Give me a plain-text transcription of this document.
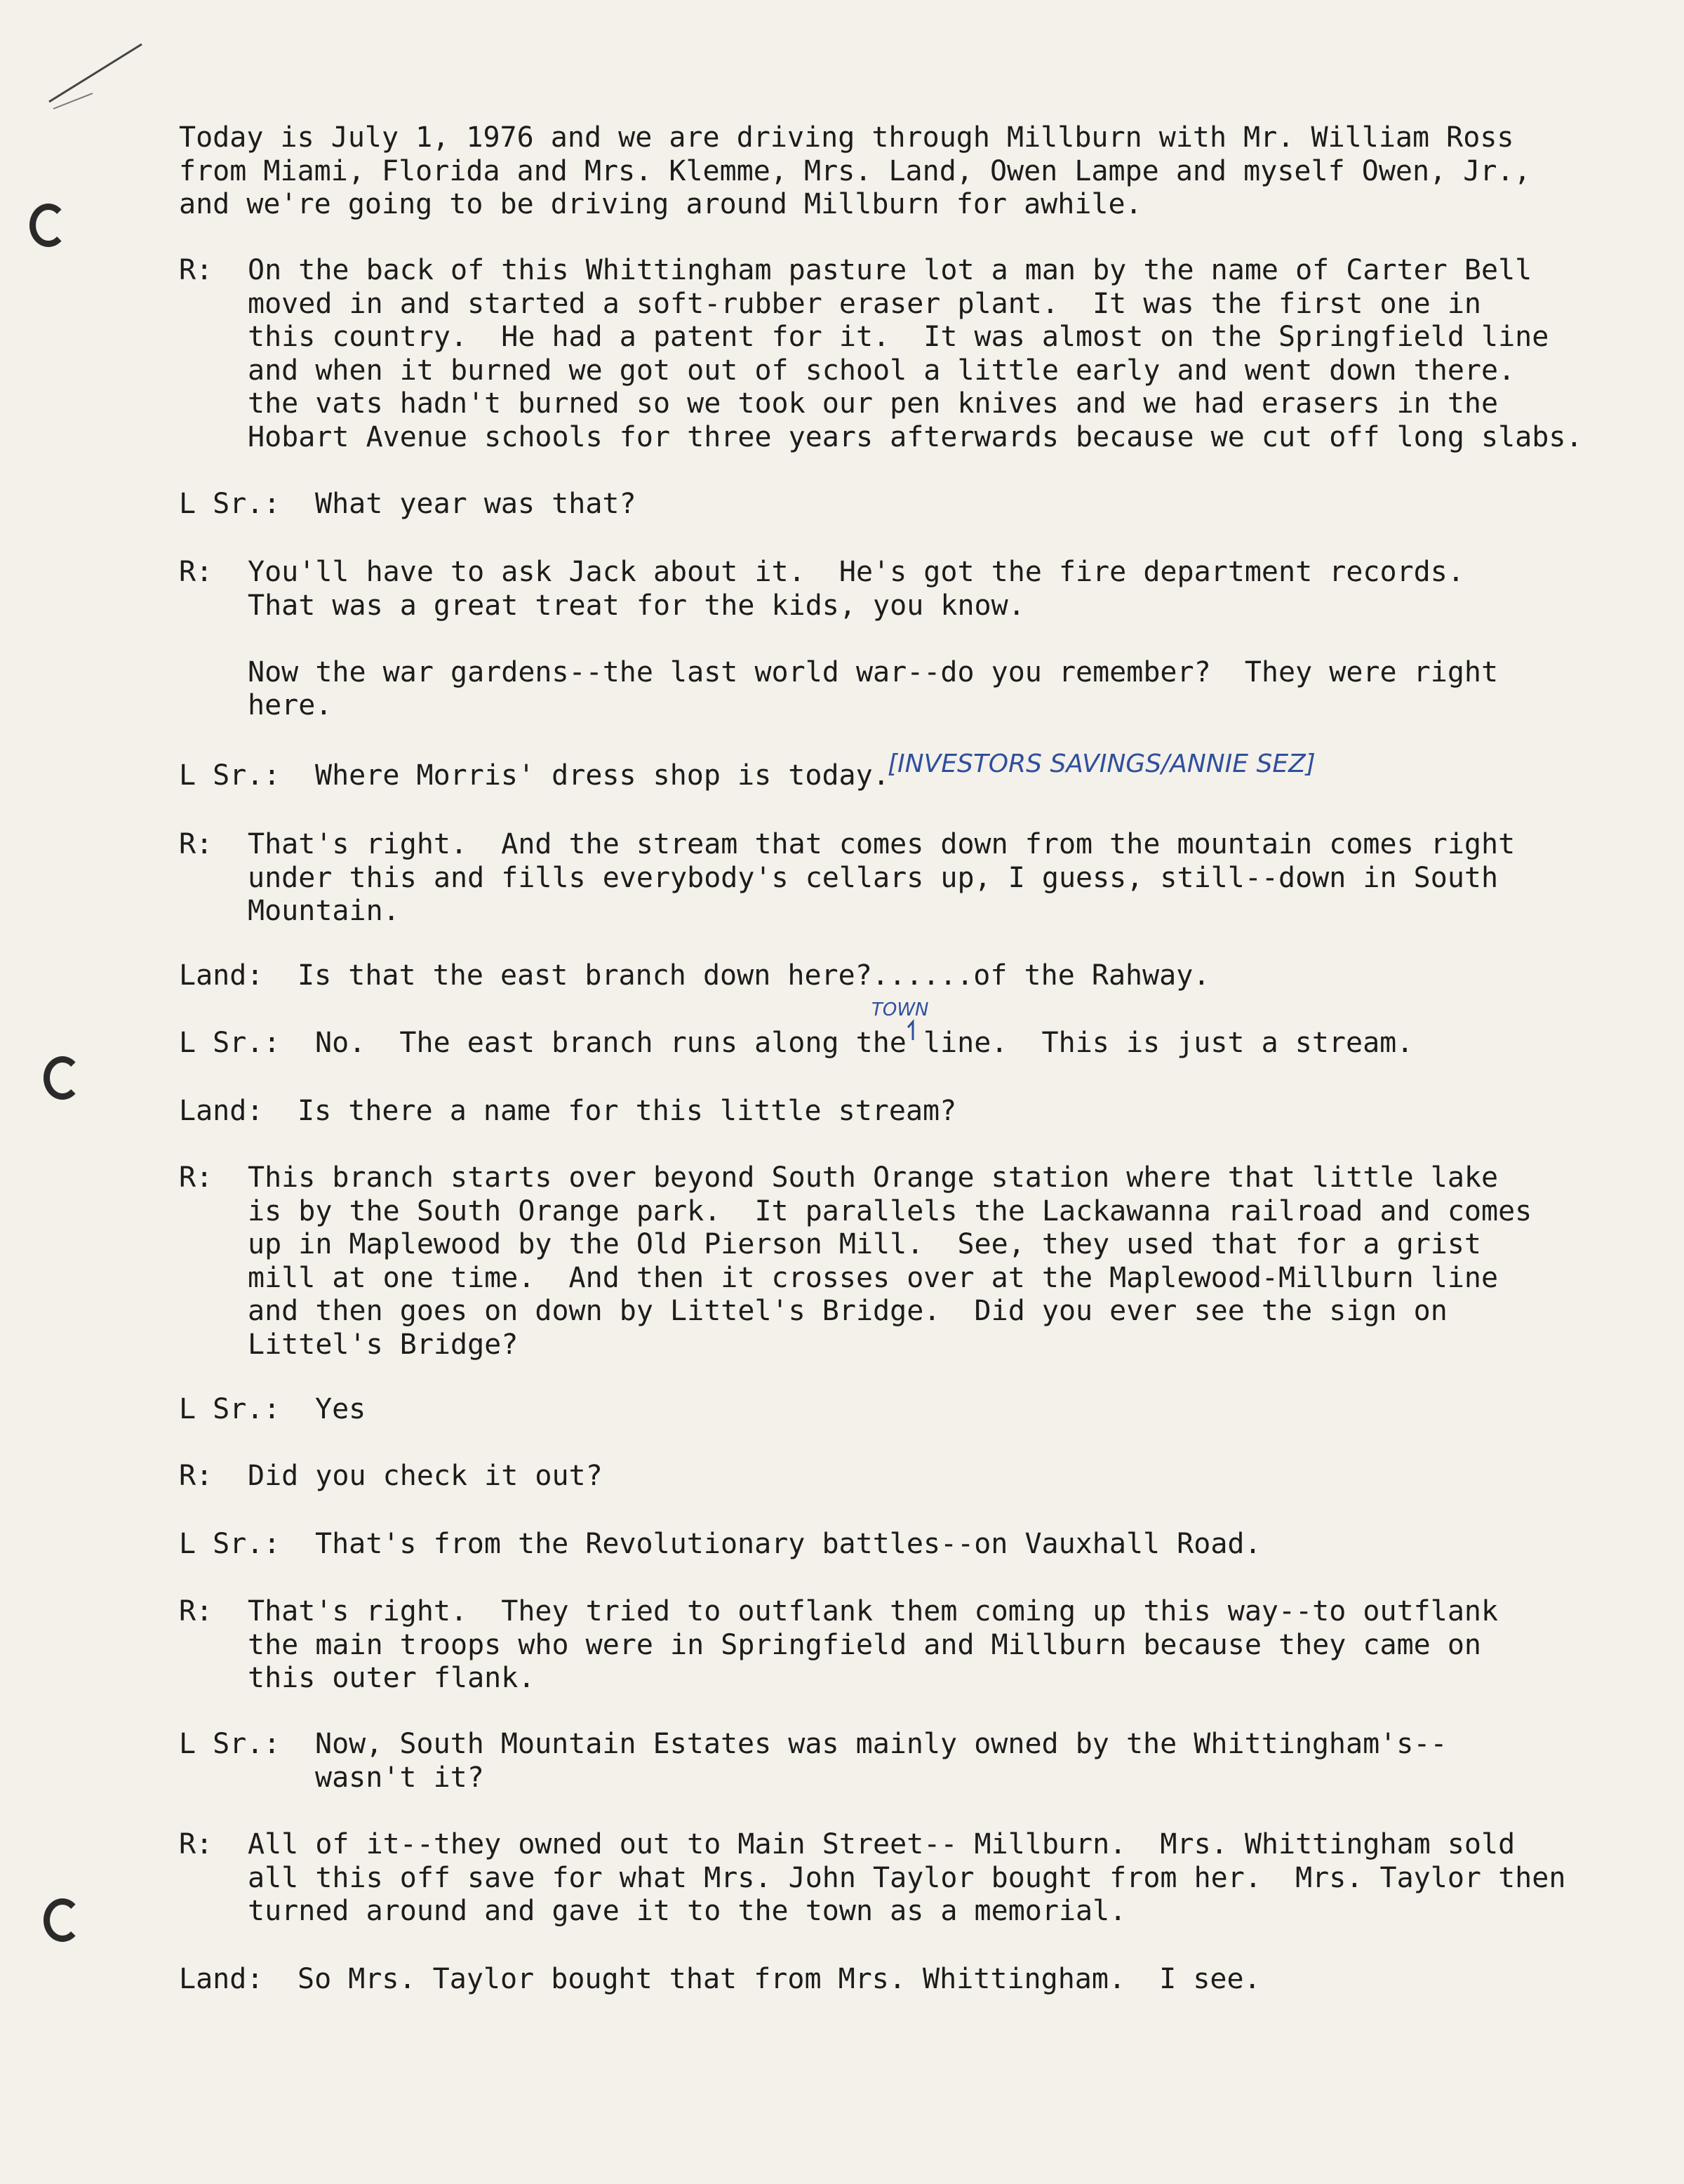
Today is July 1, 1976 and we are driving through Millburn with Mr. William Ross
from Miami, Florida and Mrs. Klemme, Mrs. Land, Owen Lampe and myself Owen, Jr.,
and we're going to be driving around Millburn for awhile.

R: On the back of this Whittingham pasture lot a man by the name of Carter Bell
moved in and started a soft-rubber eraser plant.  It was the first one in
this country.  He had a patent for it.  It was almost on the Springfield line
and when it burned we got out of school a little early and went down there.
the vats hadn't burned so we took our pen knives and we had erasers in the
Hobart Avenue schools for three years afterwards because we cut off long slabs.

L Sr.: What year was that?

R: You'll have to ask Jack about it.  He's got the fire department records.
That was a great treat for the kids, you know.

Now the war gardens--the last world war--do you remember?  They were right
here.

L Sr.: Where Morris' dress shop is today.

[INVESTORS SAVINGS/ANNIE SEZ]
R: That's right.  And the stream that comes down from the mountain comes right
under this and fills everybody's cellars up, I guess, still--down in South
Mountain.

Land: Is that the east branch down here?......of the Rahway.

TOWN
L Sr.: No.  The east branch runs along the line.  This is just a stream.

Land: Is there a name for this little stream?

R: This branch starts over beyond South Orange station where that little lake
is by the South Orange park.  It parallels the Lackawanna railroad and comes
up in Maplewood by the Old Pierson Mill.  See, they used that for a grist
mill at one time.  And then it crosses over at the Maplewood-Millburn line
and then goes on down by Littel's Bridge.  Did you ever see the sign on
Littel's Bridge?

L Sr.: Yes

R: Did you check it out?

L Sr.: That's from the Revolutionary battles--on Vauxhall Road.

R: That's right.  They tried to outflank them coming up this way--to outflank
the main troops who were in Springfield and Millburn because they came on
this outer flank.

L Sr.: Now, South Mountain Estates was mainly owned by the Whittingham's--
wasn't it?

R: All of it--they owned out to Main Street-- Millburn.  Mrs. Whittingham sold
all this off save for what Mrs. John Taylor bought from her.  Mrs. Taylor then
turned around and gave it to the town as a memorial.

Land: So Mrs. Taylor bought that from Mrs. Whittingham.  I see.
